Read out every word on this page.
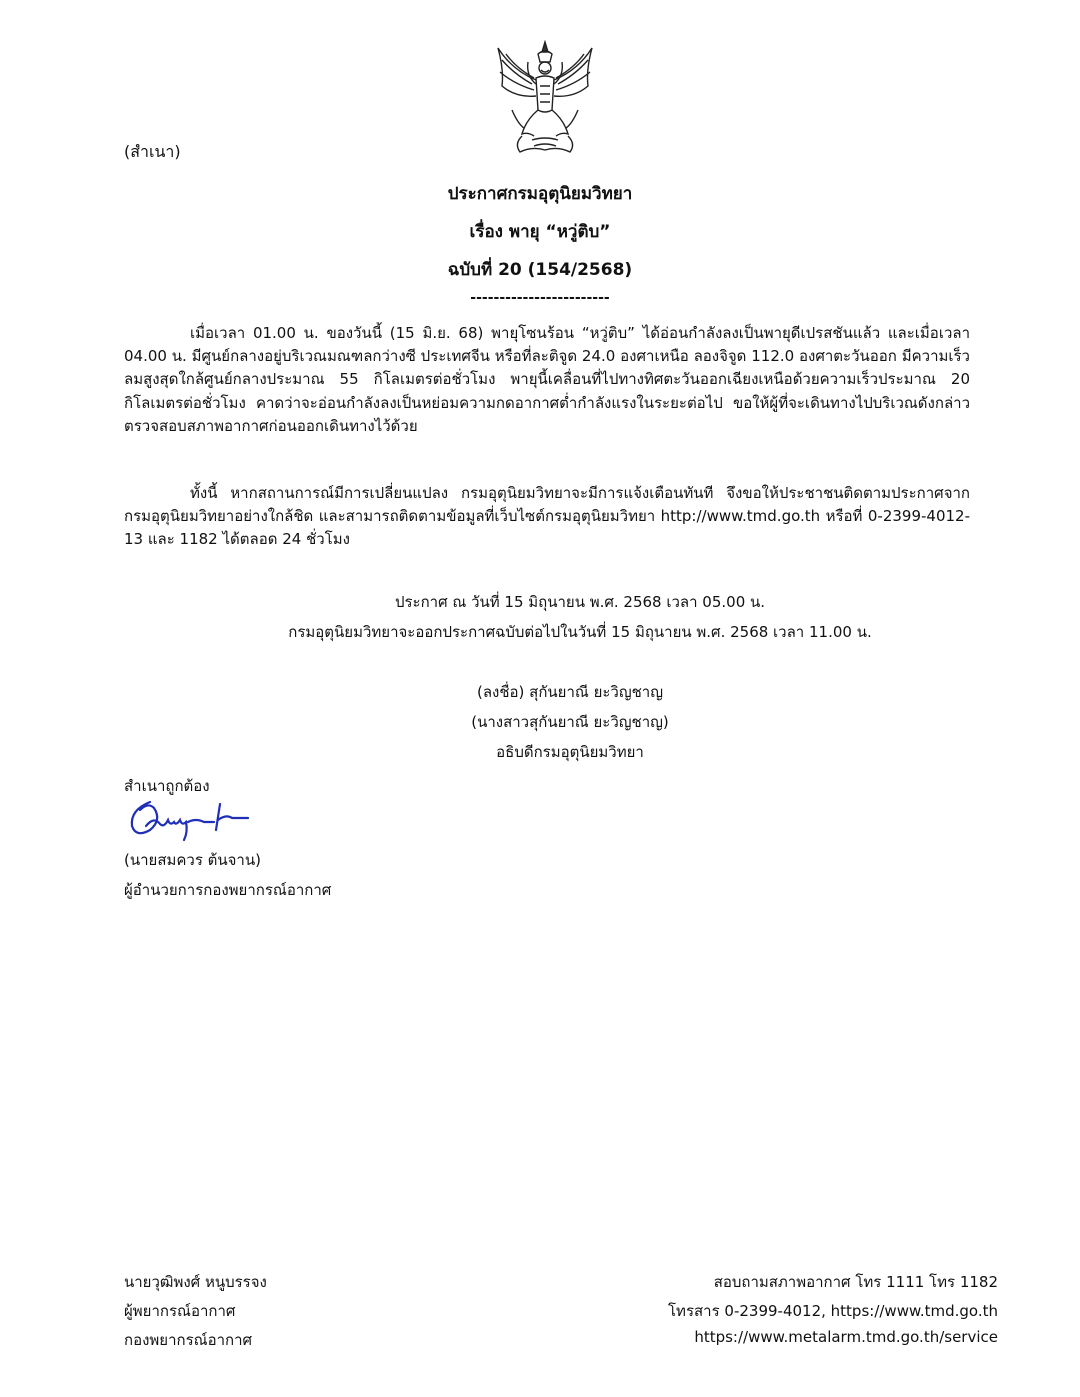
(สำเนา)
ประกาศกรมอุตุนิยมวิทยา
เรื่อง พายุ “หวู่ติบ”
ฉบับที่ 20 (154/2568)
------------------------
เมื่อเวลา 01.00 น. ของวันนี้ (15 มิ.ย. 68) พายุโซนร้อน “หวู่ติบ” ได้อ่อนกำลังลงเป็นพายุดีเปรสชันแล้ว และเมื่อเวลา 04.00 น. มีศูนย์กลางอยู่บริเวณมณฑลกว่างซี ประเทศจีน หรือที่ละติจูด 24.0 องศาเหนือ ลองจิจูด 112.0 องศาตะวันออก มีความเร็วลมสูงสุดใกล้ศูนย์กลางประมาณ 55 กิโลเมตรต่อชั่วโมง พายุนี้เคลื่อนที่ไปทางทิศตะวันออกเฉียงเหนือด้วยความเร็วประมาณ 20 กิโลเมตรต่อชั่วโมง คาดว่าจะอ่อนกำลังลงเป็นหย่อมความกดอากาศต่ำกำลังแรงในระยะต่อไป ขอให้ผู้ที่จะเดินทางไปบริเวณดังกล่าวตรวจสอบสภาพอากาศก่อนออกเดินทางไว้ด้วย
ทั้งนี้ หากสถานการณ์มีการเปลี่ยนแปลง กรมอุตุนิยมวิทยาจะมีการแจ้งเตือนทันที จึงขอให้ประชาชนติดตามประกาศจากกรมอุตุนิยมวิทยาอย่างใกล้ชิด และสามารถติดตามข้อมูลที่เว็บไซต์กรมอุตุนิยมวิทยา http://www.tmd.go.th หรือที่ 0-2399-4012-13 และ 1182 ได้ตลอด 24 ชั่วโมง
ประกาศ ณ วันที่ 15 มิถุนายน พ.ศ. 2568 เวลา 05.00 น.
กรมอุตุนิยมวิทยาจะออกประกาศฉบับต่อไปในวันที่ 15 มิถุนายน พ.ศ. 2568 เวลา 11.00 น.
(ลงชื่อ) สุกันยาณี ยะวิญชาญ
(นางสาวสุกันยาณี ยะวิญชาญ)
อธิบดีกรมอุตุนิยมวิทยา
สำเนาถูกต้อง
(นายสมควร ต้นจาน)
ผู้อำนวยการกองพยากรณ์อากาศ
นายวุฒิพงศ์ หนูบรรจง
ผู้พยากรณ์อากาศ
กองพยากรณ์อากาศ
สอบถามสภาพอากาศ โทร 1111 โทร 1182
โทรสาร 0-2399-4012, https://www.tmd.go.th
https://www.metalarm.tmd.go.th/service
